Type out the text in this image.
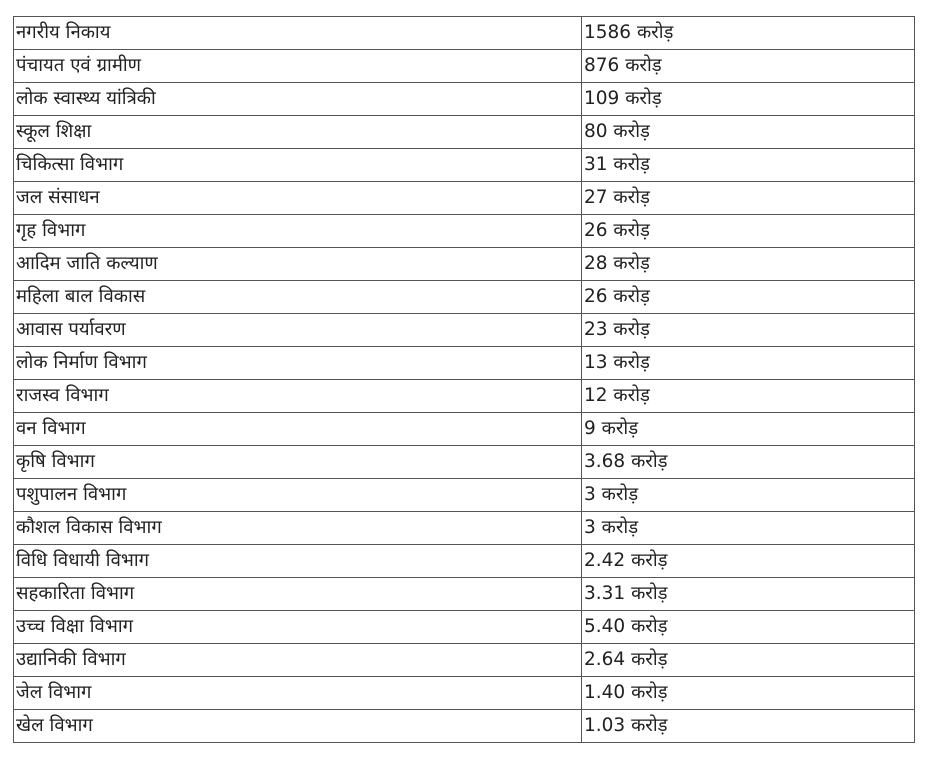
नगरीय निकाय	1586 करोड़
पंचायत एवं ग्रामीण	876 करोड़
लोक स्वास्थ्य यांत्रिकी	109 करोड़
स्कूल शिक्षा	80 करोड़
चिकित्सा विभाग	31 करोड़
जल संसाधन	27 करोड़
गृह विभाग	26 करोड़
आदिम जाति कल्याण	28 करोड़
महिला बाल विकास	26 करोड़
आवास पर्यावरण	23 करोड़
लोक निर्माण विभाग	13 करोड़
राजस्व विभाग	12 करोड़
वन विभाग	9 करोड़
कृषि विभाग	3.68 करोड़
पशुपालन विभाग	3 करोड़
कौशल विकास विभाग	3 करोड़
विधि विधायी विभाग	2.42 करोड़
सहकारिता विभाग	3.31 करोड़
उच्च विक्षा विभाग	5.40 करोड़
उद्यानिकी विभाग	2.64 करोड़
जेल विभाग	1.40 करोड़
खेल विभाग	1.03 करोड़
